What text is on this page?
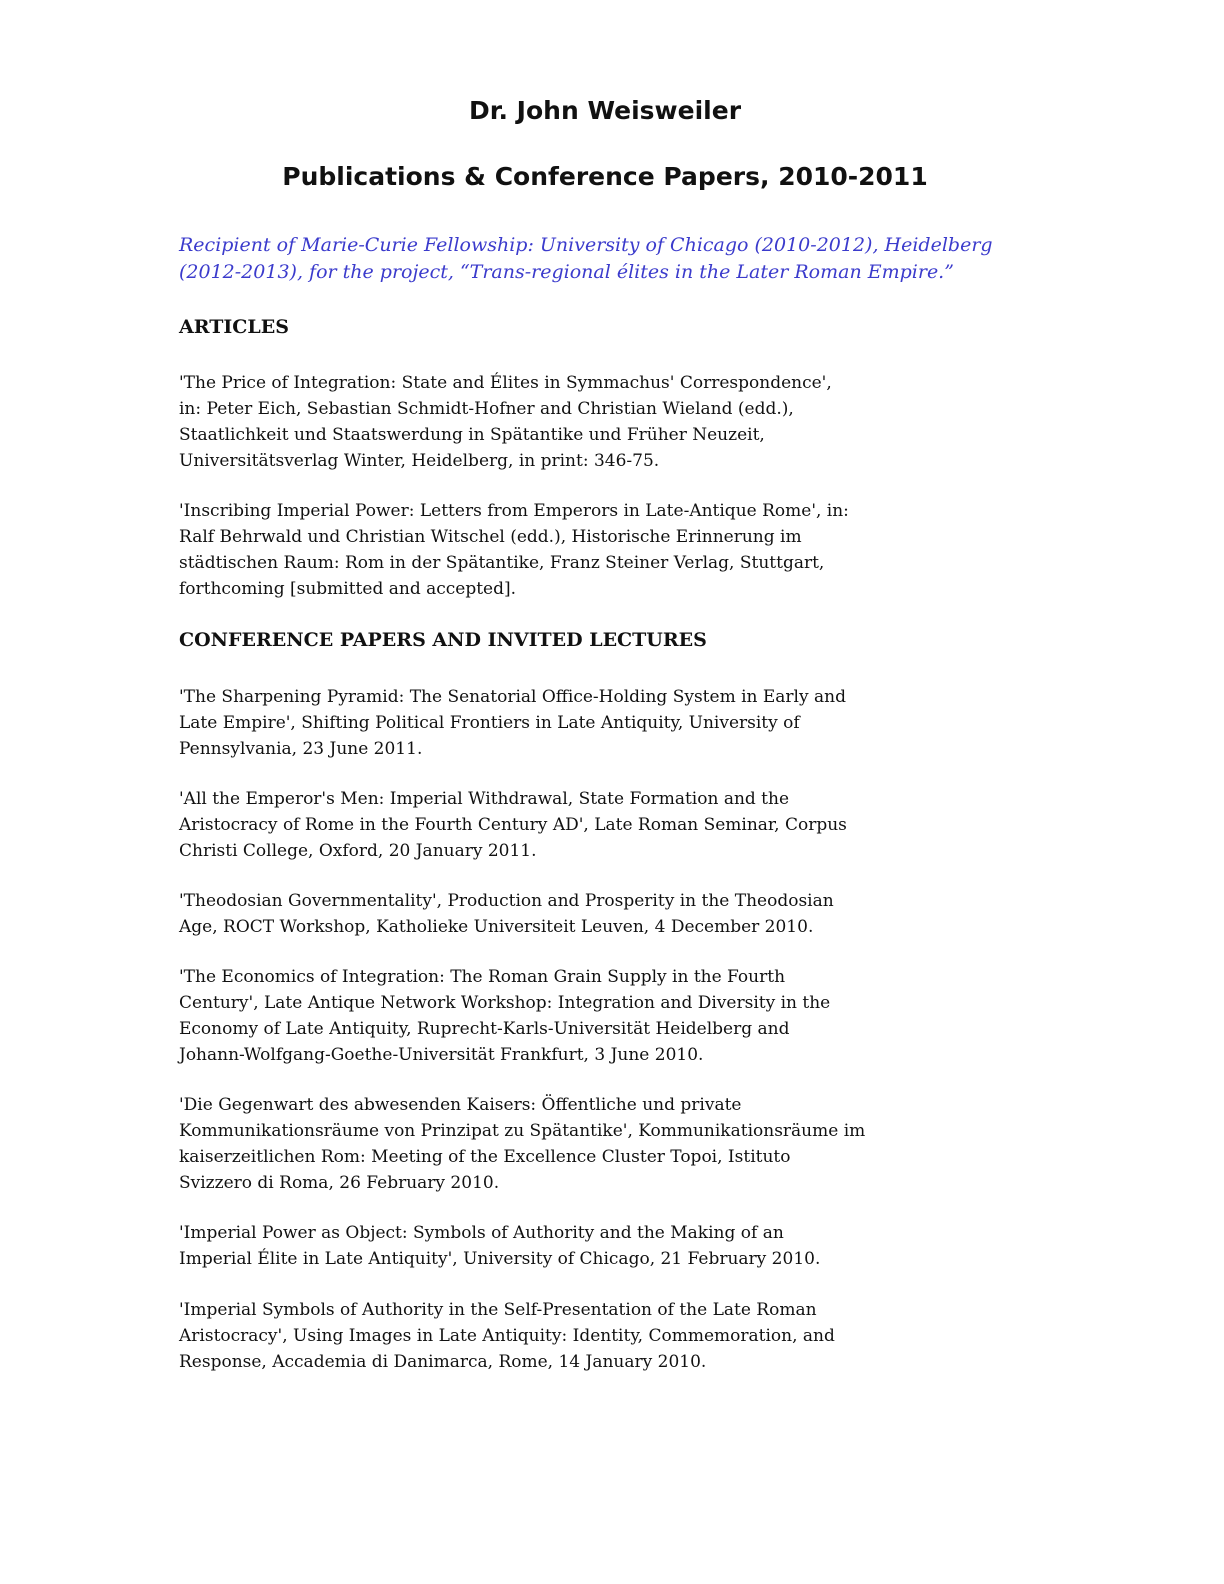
Dr. John Weisweiler
Publications & Conference Papers, 2010-2011

Recipient of Marie-Curie Fellowship: University of Chicago (2010-2012), Heidelberg
(2012-2013), for the project, “Trans-regional élites in the Later Roman Empire.”

ARTICLES

'The Price of Integration: State and Élites in Symmachus' Correspondence',
in: Peter Eich, Sebastian Schmidt-Hofner and Christian Wieland (edd.),
Staatlichkeit und Staatswerdung in Spätantike und Früher Neuzeit,
Universitätsverlag Winter, Heidelberg, in print: 346-75.

'Inscribing Imperial Power: Letters from Emperors in Late-Antique Rome', in:
Ralf Behrwald und Christian Witschel (edd.), Historische Erinnerung im
städtischen Raum: Rom in der Spätantike, Franz Steiner Verlag, Stuttgart,
forthcoming [submitted and accepted].

CONFERENCE PAPERS AND INVITED LECTURES

'The Sharpening Pyramid: The Senatorial Office-Holding System in Early and
Late Empire', Shifting Political Frontiers in Late Antiquity, University of
Pennsylvania, 23 June 2011.

'All the Emperor's Men: Imperial Withdrawal, State Formation and the
Aristocracy of Rome in the Fourth Century AD', Late Roman Seminar, Corpus
Christi College, Oxford, 20 January 2011.

'Theodosian Governmentality', Production and Prosperity in the Theodosian
Age, ROCT Workshop, Katholieke Universiteit Leuven, 4 December 2010.

'The Economics of Integration: The Roman Grain Supply in the Fourth
Century', Late Antique Network Workshop: Integration and Diversity in the
Economy of Late Antiquity, Ruprecht-Karls-Universität Heidelberg and
Johann-Wolfgang-Goethe-Universität Frankfurt, 3 June 2010.

'Die Gegenwart des abwesenden Kaisers: Öffentliche und private
Kommunikationsräume von Prinzipat zu Spätantike', Kommunikationsräume im
kaiserzeitlichen Rom: Meeting of the Excellence Cluster Topoi, Istituto
Svizzero di Roma, 26 February 2010.

'Imperial Power as Object: Symbols of Authority and the Making of an
Imperial Élite in Late Antiquity', University of Chicago, 21 February 2010.

'Imperial Symbols of Authority in the Self-Presentation of the Late Roman
Aristocracy', Using Images in Late Antiquity: Identity, Commemoration, and
Response, Accademia di Danimarca, Rome, 14 January 2010.
